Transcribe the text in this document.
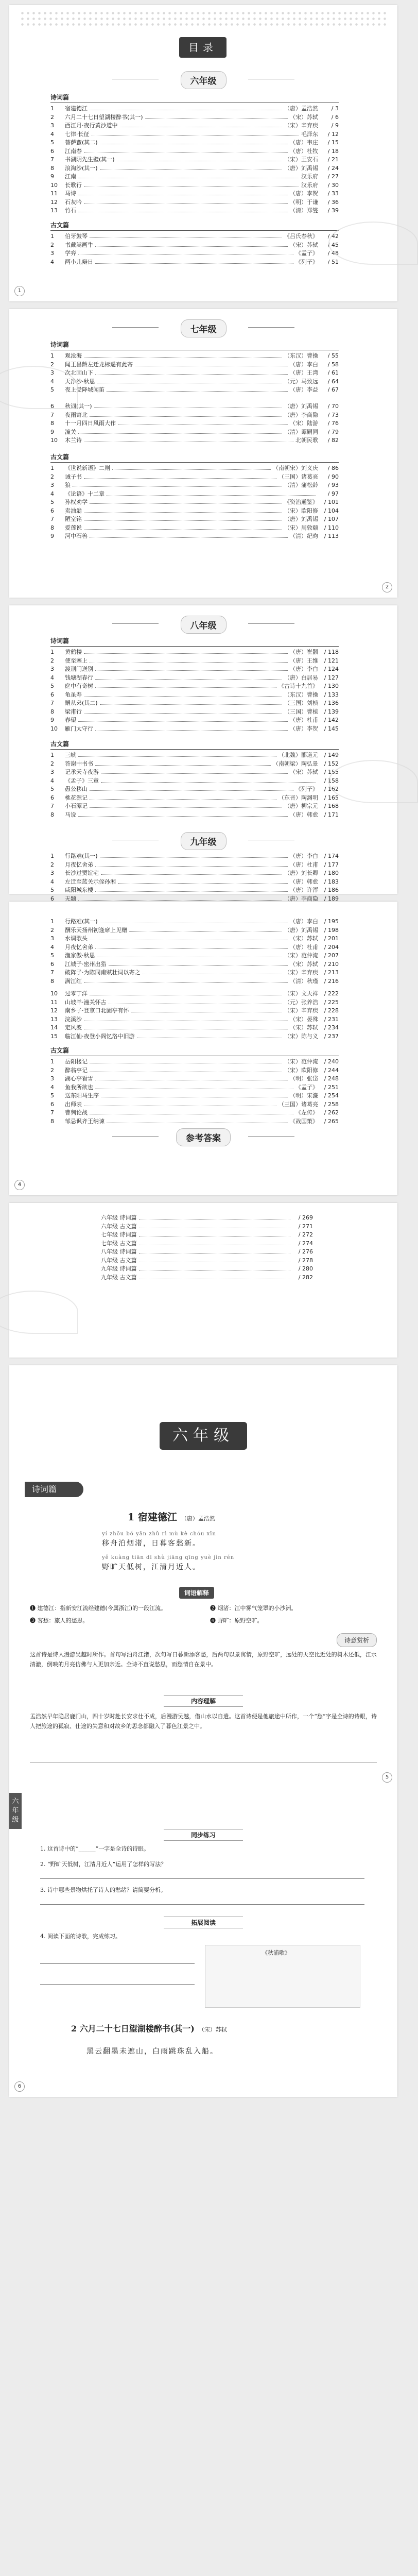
目录
六年级
诗词篇
1	宿建德江	（唐）孟浩然	/ 3
2	六月二十七日望湖楼醉书(其一)	（宋）苏轼	/ 6
3	西江月·夜行黄沙道中	（宋）辛弃疾	/ 9
4	七律·长征	毛泽东	/ 12
5	菩萨蛮(其二)	（唐）韦庄	/ 15
6	江南春	（唐）杜牧	/ 18
7	书湖阴先生壁(其一)	（宋）王安石	/ 21
8	浪淘沙(其一)	（唐）刘禹锡	/ 24
9	江南	汉乐府	/ 27
10	长歌行	汉乐府	/ 30
11	马诗	（唐）李贺	/ 33
12	石灰吟	（明）于谦	/ 36
13	竹石	（清）郑燮	/ 39
古文篇
1	伯牙鼓琴	《吕氏春秋》	/ 42
2	书戴嵩画牛	（宋）苏轼	/ 45
3	学弈	《孟子》	/ 48
4	两小儿辩日	《列子》	/ 51
1
七年级
诗词篇
1	观沧海	（东汉）曹操	/ 55
2	闻王昌龄左迁龙标遥有此寄	（唐）李白	/ 58
3	次北固山下	（唐）王湾	/ 61
4	天净沙·秋思	（元）马致远	/ 64
5	夜上受降城闻笛	（唐）李益	/ 67
6	秋词(其一)	（唐）刘禹锡	/ 70
7	夜雨寄北	（唐）李商隐	/ 73
8	十一月四日风雨大作	（宋）陆游	/ 76
9	潼关	（清）谭嗣同	/ 79
10	木兰诗	北朝民歌	/ 82
古文篇
1	《世说新语》二则	（南朝宋）刘义庆	/ 86
2	诫子书	（三国）诸葛亮	/ 90
3	狼	（清）蒲松龄	/ 93
4	《论语》十二章	/ 97
5	孙权劝学	《资治通鉴》	/ 101
6	卖油翁	（宋）欧阳修	/ 104
7	陋室铭	（唐）刘禹锡	/ 107
8	爱莲说	（宋）周敦颐	/ 110
9	河中石兽	（清）纪昀	/ 113
2
八年级
诗词篇
1	黄鹤楼	（唐）崔颢	/ 118
2	使至塞上	（唐）王维	/ 121
3	渡荆门送别	（唐）李白	/ 124
4	钱塘湖春行	（唐）白居易	/ 127
5	庭中有奇树	《古诗十九首》	/ 130
6	龟虽寿	（东汉）曹操	/ 133
7	赠从弟(其二)	（三国）刘桢	/ 136
8	梁甫行	（三国）曹植	/ 139
9	春望	（唐）杜甫	/ 142
10	雁门太守行	（唐）李贺	/ 145
古文篇
1	三峡	（北魏）郦道元	/ 149
2	答谢中书书	（南朝梁）陶弘景	/ 152
3	记承天寺夜游	（宋）苏轼	/ 155
4	《孟子》三章	/ 158
5	愚公移山	《列子》	/ 162
6	桃花源记	（东晋）陶渊明	/ 165
7	小石潭记	（唐）柳宗元	/ 168
8	马说	（唐）韩愈	/ 171
九年级
1	行路难(其一)	（唐）李白	/ 174
2	月夜忆舍弟	（唐）杜甫	/ 177
3	长沙过贾谊宅	（唐）刘长卿	/ 180
4	左迁至蓝关示侄孙湘	（唐）韩愈	/ 183
5	咸阳城东楼	（唐）许浑	/ 186
6	无题	（唐）李商隐	/ 189
1	行路难(其一)	（唐）李白	/ 195
2	酬乐天扬州初逢席上见赠	（唐）刘禹锡	/ 198
3	水调歌头	（宋）苏轼	/ 201
4	月夜忆舍弟	（唐）杜甫	/ 204
5	渔家傲·秋思	（宋）范仲淹	/ 207
6	江城子·密州出猎	（宋）苏轼	/ 210
7	破阵子·为陈同甫赋壮词以寄之	（宋）辛弃疾	/ 213
8	满江红	（清）秋瑾	/ 216
10	过零丁洋	（宋）文天祥	/ 222
11	山坡羊·潼关怀古	（元）张养浩	/ 225
12	南乡子·登京口北固亭有怀	（宋）辛弃疾	/ 228
13	浣溪沙	（宋）晏殊	/ 231
14	定风波	（宋）苏轼	/ 234
15	临江仙·夜登小阁忆洛中旧游	（宋）陈与义	/ 237
古文篇
1	岳阳楼记	（宋）范仲淹	/ 240
2	醉翁亭记	（宋）欧阳修	/ 244
3	湖心亭看雪	（明）张岱	/ 248
4	鱼我所欲也	《孟子》	/ 251
5	送东阳马生序	（明）宋濂	/ 254
6	出师表	（三国）诸葛亮	/ 258
7	曹刿论战	《左传》	/ 262
8	邹忌讽齐王纳谏	《战国策》	/ 265
参考答案
4
六年级 诗词篇	/ 269
六年级 古文篇	/ 271
七年级 诗词篇	/ 272
七年级 古文篇	/ 274
八年级 诗词篇	/ 276
八年级 古文篇	/ 278
九年级 诗词篇	/ 280
九年级 古文篇	/ 282
六年级
诗词篇
1 宿建德江 （唐）孟浩然
yí zhōu bó yān zhǔ rì mù kè chóu xīn
移舟泊烟渚，日暮客愁新。
yě kuàng tiān dī shù jiāng qīng yuè jìn rén
野旷天低树，江清月近人。
词语解释
❶ 建德江：指新安江流经建德(今属浙江)的一段江流。	❷ 烟渚：江中雾气笼罩的小沙洲。
❸ 客愁：旅人的愁思。	❹ 野旷：原野空旷。
诗意赏析
这首诗是诗人漫游吴越时所作。首句写泊舟江渚，次句写日暮新添客愁，后两句以景寓情，原野空旷，远处的天空比近处的树木还低，江水清澈，倒映的月亮仿佛与人更加亲近。全诗不直说愁思，而愁情自在景中。
内容理解
孟浩然早年隐居鹿门山，四十岁时赴长安求仕不成，后漫游吴越，借山水以自遣。这首诗便是他旅途中所作，一个“愁”字是全诗的诗眼，诗人把旅途的孤寂、仕途的失意和对故乡的思念都融入了暮色江景之中。
5
六年级
同步练习
1. 这首诗中的“______”一字是全诗的诗眼。
2. “野旷天低树，江清月近人”运用了怎样的写法？
3. 诗中哪些景物烘托了诗人的愁绪？请简要分析。
拓展阅读
4. 阅读下面的诗歌，完成练习。
《秋浦歌》
2 六月二十七日望湖楼醉书(其一) （宋）苏轼
黑云翻墨未遮山，白雨跳珠乱入船。
6
